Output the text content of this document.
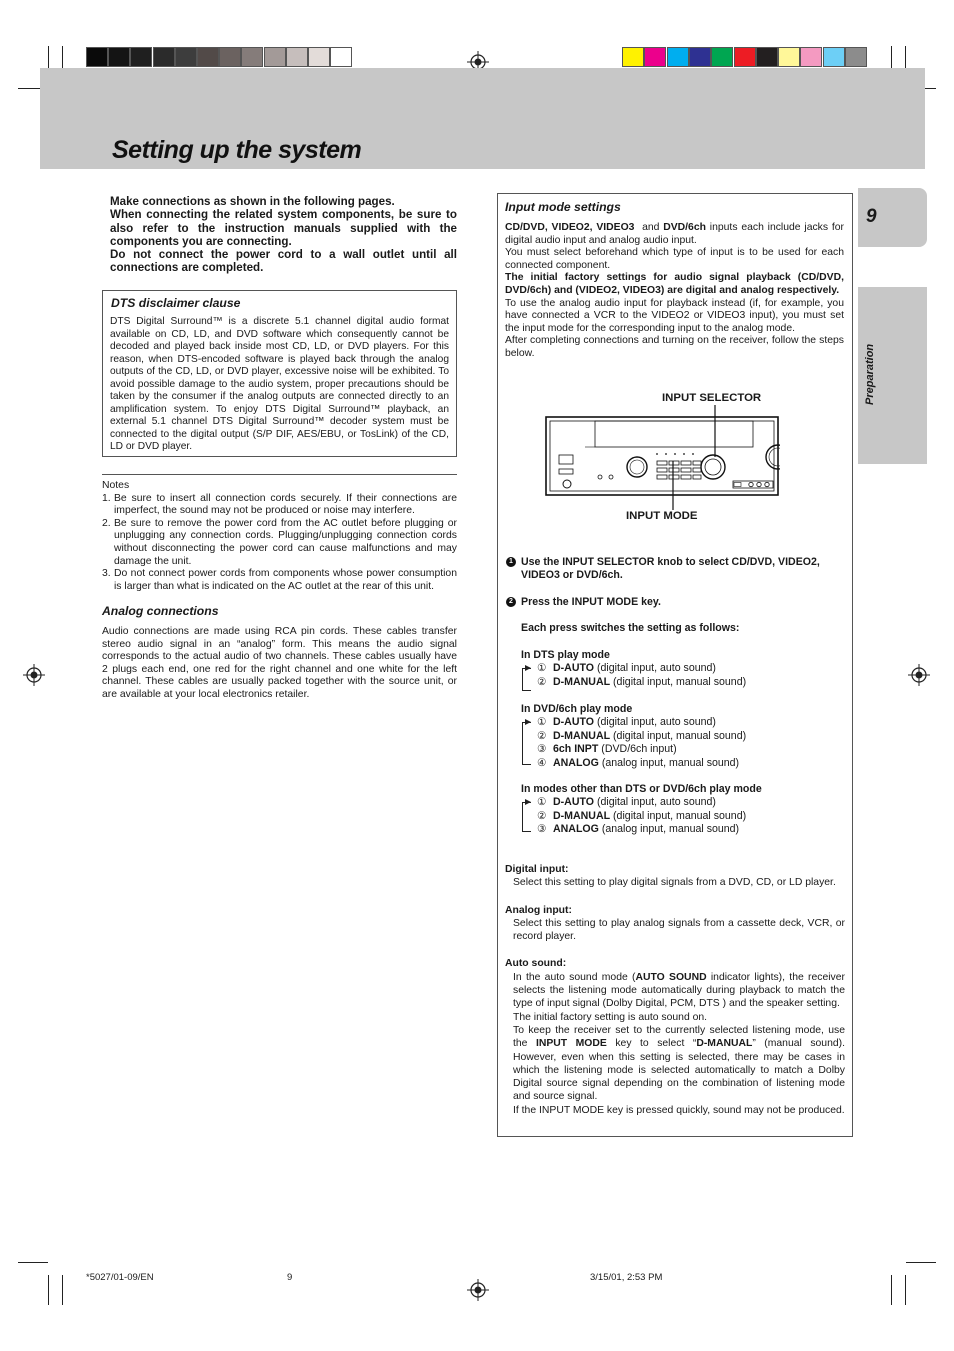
Setting up the system
9
Preparation

Make connections as shown in the following pages.

When connecting the related system components, be sure to also refer to the instruction manuals supplied with the components you are connecting.

Do not connect the power cord to a wall outlet until all connections are completed.

DTS disclaimer clause
DTS Digital Surround™ is a discrete 5.1 channel digital audio format available on CD, LD, and DVD software which consequently cannot be decoded and played back inside most CD, LD, or DVD players. For this reason, when DTS-encoded software is played back through the analog outputs of the CD, LD, or DVD player, excessive noise will be exhibited. To avoid possible damage to the audio system, proper precautions should be taken by the consumer if the analog outputs are connected directly to an amplification system. To enjoy DTS Digital Surround™ playback, an external 5.1 channel DTS Digital Surround™ decoder system must be connected to the digital output (S/P DIF, AES/EBU, or TosLink) of the CD, LD or DVD player.
Notes
1. Be sure to insert all connection cords securely. If their connections are imperfect, the sound may not be produced or noise may interfere.
2. Be sure to remove the power cord from the AC outlet before plugging or unplugging any connection cords. Plugging/unplugging connection cords without disconnecting the power cord can cause malfunctions and may damage the unit.
3. Do not connect power cords from components whose power consumption is larger than what is indicated on the AC outlet at the rear of this unit.
Analog connections
Audio connections are made using RCA pin cords. These cables transfer stereo audio signal in an “analog” form. This means the audio signal corresponds to the actual audio of two channels. These cables usually have 2 plugs each end, one red for the right channel and one white for the left channel. These cables are usually packed together with the source unit, or are available at your local electronics retailer.
Input mode settings

CD/DVD, VIDEO2, VIDEO3 and DVD/6ch inputs each include jacks for digital audio input and analog audio input.

You must select beforehand which type of input is to be used for each connected component.

The initial factory settings for audio signal playback (CD/DVD, DVD/6ch) and (VIDEO2, VIDEO3) are digital and analog respectively.

To use the analog audio input for playback instead (if, for example, you have connected a VCR to the VIDEO2 or VIDEO3 input), you must set the input mode for the corresponding input to the analog mode.

After completing connections and turning on the receiver, follow the steps below.

INPUT SELECTOR
INPUT MODE
1 Use the INPUT SELECTOR knob to select CD/DVD, VIDEO2, VIDEO3 or DVD/6ch.
2 Press the INPUT MODE key.
Each press switches the setting as follows:
In DTS play mode
① D-AUTO (digital input, auto sound)
② D-MANUAL (digital input, manual sound)
In DVD/6ch play mode
① D-AUTO (digital input, auto sound)
② D-MANUAL (digital input, manual sound)
③ 6ch INPT (DVD/6ch input)
④ ANALOG (analog input, manual sound)
In modes other than DTS or DVD/6ch play mode
① D-AUTO (digital input, auto sound)
② D-MANUAL (digital input, manual sound)
③ ANALOG (analog input, manual sound)

Digital input:

Select this setting to play digital signals from a DVD, CD, or LD player.

Analog input:

Select this setting to play analog signals from a cassette deck, VCR, or record player.

Auto sound:

In the auto sound mode (AUTO SOUND indicator lights), the receiver selects the listening mode automatically during playback to match the type of input signal (Dolby Digital, PCM, DTS ) and the speaker setting.

The initial factory setting is auto sound on.

To keep the receiver set to the currently selected listening mode, use the INPUT MODE key to select “D-MANUAL” (manual sound). However, even when this setting is selected, there may be cases in which the listening mode is selected automatically to match a Dolby Digital source signal depending on the combination of listening mode and source signal.

If the INPUT MODE key is pressed quickly, sound may not be produced.

*5027/01-09/EN	9	3/15/01, 2:53 PM
